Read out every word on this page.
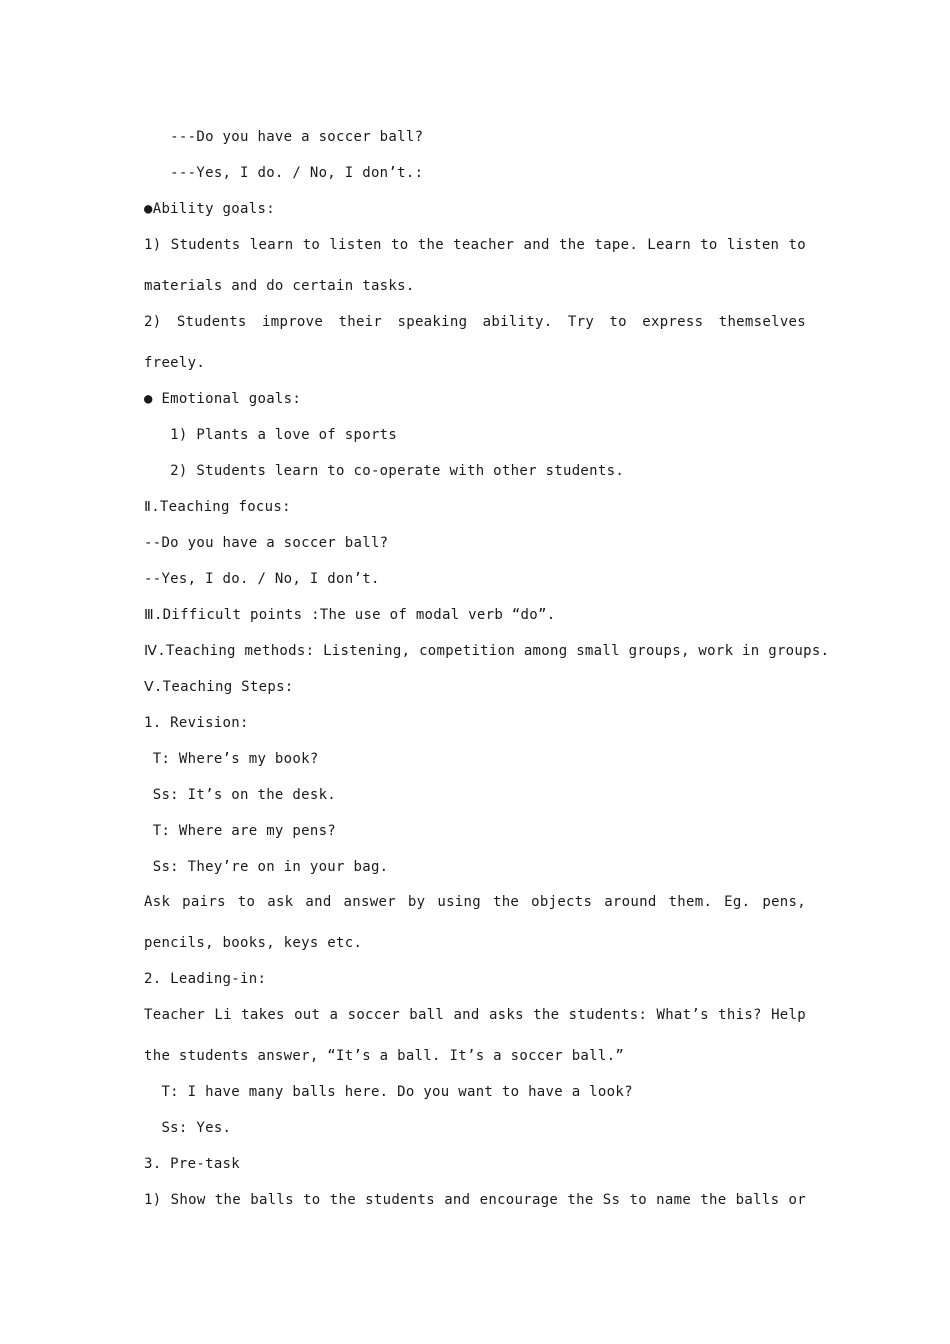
---Do you have a soccer ball?
---Yes, I do. / No, I don’t.:
●Ability goals:
1) Students learn to listen to the teacher and the tape. Learn to listen to
materials and do certain tasks.
2) Students improve their speaking ability. Try to express themselves
freely.
● Emotional goals:
1) Plants a love of sports
2) Students learn to co-operate with other students.
Ⅱ.Teaching focus:
--Do you have a soccer ball?
--Yes, I do. / No, I don’t.
Ⅲ.Difficult points :The use of modal verb “do”.
Ⅳ.Teaching methods: Listening, competition among small groups, work in groups.
Ⅴ.Teaching Steps:
1. Revision:
T: Where’s my book?
Ss: It’s on the desk.
T: Where are my pens?
Ss: They’re on in your bag.
Ask pairs to ask and answer by using the objects around them. Eg. pens,
pencils, books, keys etc.
2. Leading-in:
Teacher Li takes out a soccer ball and asks the students: What’s this? Help
the students answer, “It’s a ball. It’s a soccer ball.”
T: I have many balls here. Do you want to have a look?
Ss: Yes.
3. Pre-task
1) Show the balls to the students and encourage the Ss to name the balls or
